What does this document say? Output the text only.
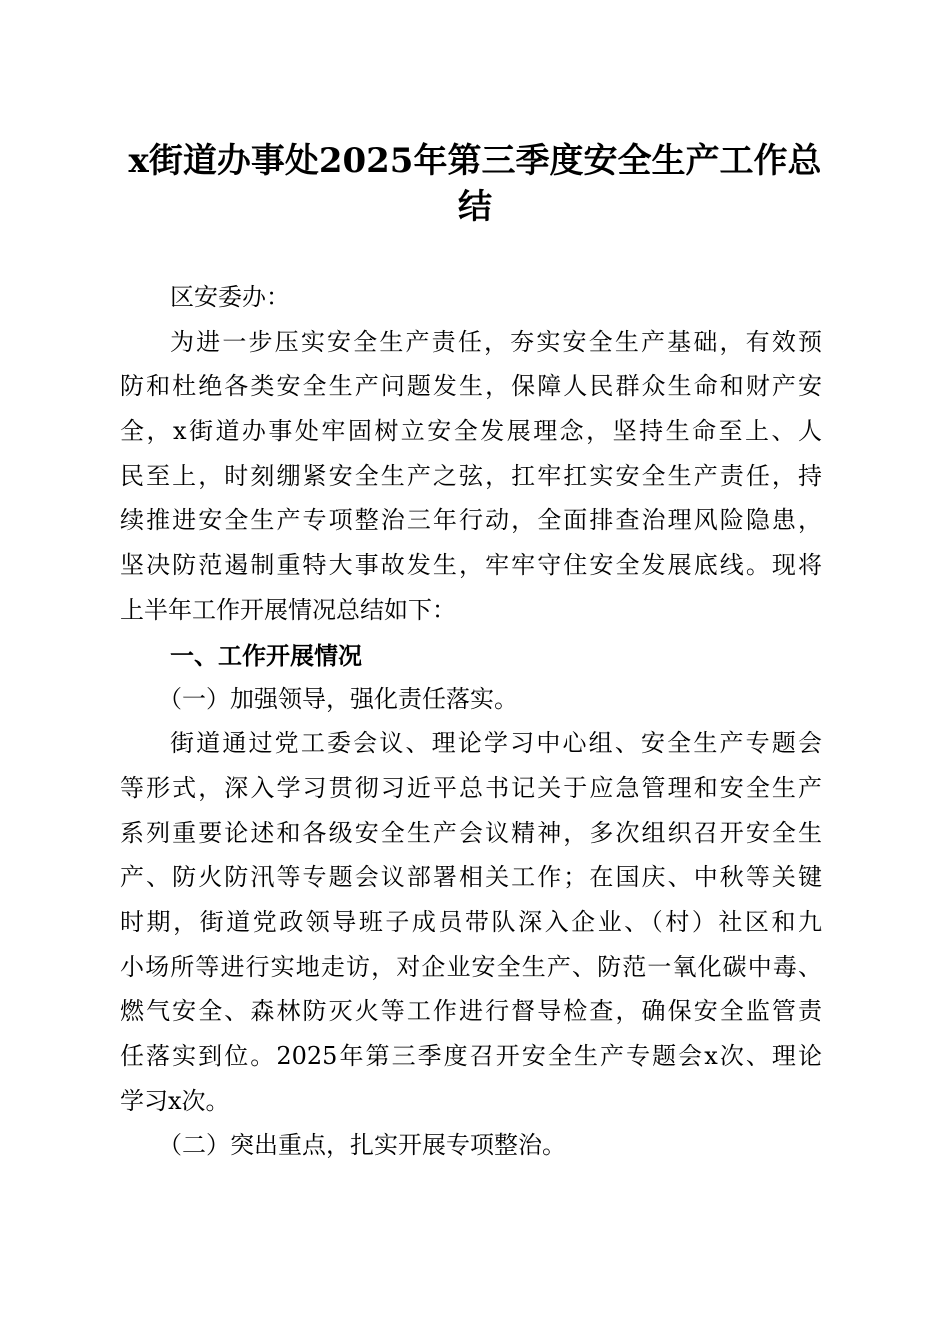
x街道办事处2025年第三季度安全生产工作总
结
区安委办：
为进一步压实安全生产责任，夯实安全生产基础，有效预
防和杜绝各类安全生产问题发生，保障人民群众生命和财产安
全，x街道办事处牢固树立安全发展理念，坚持生命至上、人
民至上，时刻绷紧安全生产之弦，扛牢扛实安全生产责任，持
续推进安全生产专项整治三年行动，全面排查治理风险隐患，
坚决防范遏制重特大事故发生，牢牢守住安全发展底线。现将
上半年工作开展情况总结如下：
一、工作开展情况
（一）加强领导，强化责任落实。
街道通过党工委会议、理论学习中心组、安全生产专题会
等形式，深入学习贯彻习近平总书记关于应急管理和安全生产
系列重要论述和各级安全生产会议精神，多次组织召开安全生
产、防火防汛等专题会议部署相关工作；在国庆、中秋等关键
时期，街道党政领导班子成员带队深入企业、（村）社区和九
小场所等进行实地走访，对企业安全生产、防范一氧化碳中毒、
燃气安全、森林防灭火等工作进行督导检查，确保安全监管责
任落实到位。2025年第三季度召开安全生产专题会x次、理论
学习x次。
（二）突出重点，扎实开展专项整治。
